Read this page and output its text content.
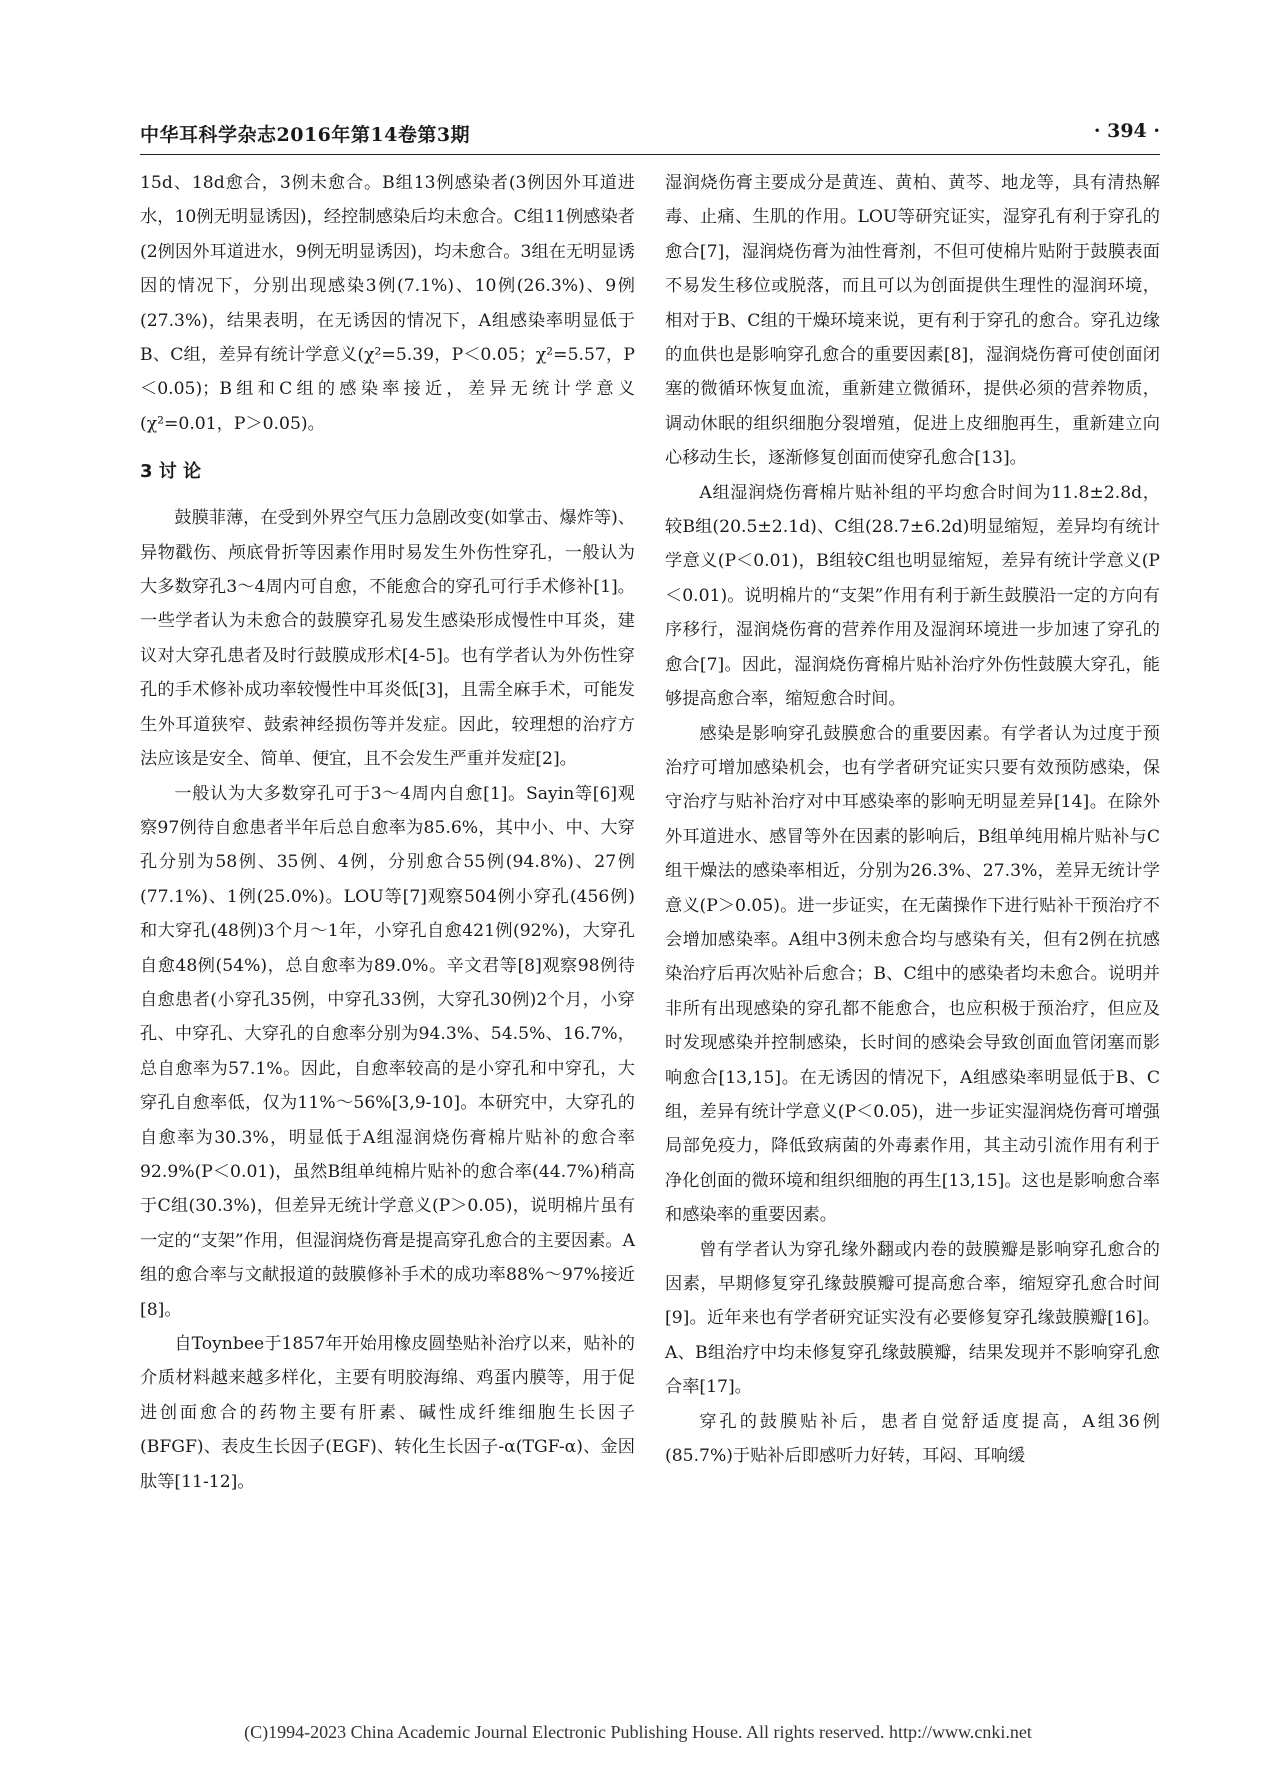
中华耳科学杂志2016年第14卷第3期	· 394 ·

15d、18d愈合，3例未愈合。B组13例感染者(3例因外耳道进水，10例无明显诱因)，经控制感染后均未愈合。C组11例感染者(2例因外耳道进水，9例无明显诱因)，均未愈合。3组在无明显诱因的情况下，分别出现感染3例(7.1%)、10例(26.3%)、9例(27.3%)，结果表明，在无诱因的情况下，A组感染率明显低于B、C组，差异有统计学意义(χ²=5.39，P＜0.05；χ²=5.57，P＜0.05)；B组和C组的感染率接近，差异无统计学意义(χ²=0.01，P＞0.05)。

3 讨 论

鼓膜菲薄，在受到外界空气压力急剧改变(如掌击、爆炸等)、异物戳伤、颅底骨折等因素作用时易发生外伤性穿孔，一般认为大多数穿孔3～4周内可自愈，不能愈合的穿孔可行手术修补[1]。一些学者认为未愈合的鼓膜穿孔易发生感染形成慢性中耳炎，建议对大穿孔患者及时行鼓膜成形术[4-5]。也有学者认为外伤性穿孔的手术修补成功率较慢性中耳炎低[3]，且需全麻手术，可能发生外耳道狭窄、鼓索神经损伤等并发症。因此，较理想的治疗方法应该是安全、简单、便宜，且不会发生严重并发症[2]。

一般认为大多数穿孔可于3～4周内自愈[1]。Sayin等[6]观察97例待自愈患者半年后总自愈率为85.6%，其中小、中、大穿孔分别为58例、35例、4例，分别愈合55例(94.8%)、27例(77.1%)、1例(25.0%)。LOU等[7]观察504例小穿孔(456例)和大穿孔(48例)3个月～1年，小穿孔自愈421例(92%)，大穿孔自愈48例(54%)，总自愈率为89.0%。辛文君等[8]观察98例待自愈患者(小穿孔35例，中穿孔33例，大穿孔30例)2个月，小穿孔、中穿孔、大穿孔的自愈率分别为94.3%、54.5%、16.7%，总自愈率为57.1%。因此，自愈率较高的是小穿孔和中穿孔，大穿孔自愈率低，仅为11%～56%[3,9-10]。本研究中，大穿孔的自愈率为30.3%，明显低于A组湿润烧伤膏棉片贴补的愈合率92.9%(P＜0.01)，虽然B组单纯棉片贴补的愈合率(44.7%)稍高于C组(30.3%)，但差异无统计学意义(P＞0.05)，说明棉片虽有一定的“支架”作用，但湿润烧伤膏是提高穿孔愈合的主要因素。A组的愈合率与文献报道的鼓膜修补手术的成功率88%～97%接近[8]。

自Toynbee于1857年开始用橡皮圆垫贴补治疗以来，贴补的介质材料越来越多样化，主要有明胶海绵、鸡蛋内膜等，用于促进创面愈合的药物主要有肝素、碱性成纤维细胞生长因子(BFGF)、表皮生长因子(EGF)、转化生长因子-α(TGF-α)、金因肽等[11-12]。

湿润烧伤膏主要成分是黄连、黄柏、黄芩、地龙等，具有清热解毒、止痛、生肌的作用。LOU等研究证实，湿穿孔有利于穿孔的愈合[7]，湿润烧伤膏为油性膏剂，不但可使棉片贴附于鼓膜表面不易发生移位或脱落，而且可以为创面提供生理性的湿润环境，相对于B、C组的干燥环境来说，更有利于穿孔的愈合。穿孔边缘的血供也是影响穿孔愈合的重要因素[8]，湿润烧伤膏可使创面闭塞的微循环恢复血流，重新建立微循环，提供必须的营养物质，调动休眠的组织细胞分裂增殖，促进上皮细胞再生，重新建立向心移动生长，逐渐修复创面而使穿孔愈合[13]。

A组湿润烧伤膏棉片贴补组的平均愈合时间为11.8±2.8d，较B组(20.5±2.1d)、C组(28.7±6.2d)明显缩短，差异均有统计学意义(P＜0.01)，B组较C组也明显缩短，差异有统计学意义(P＜0.01)。说明棉片的“支架”作用有利于新生鼓膜沿一定的方向有序移行，湿润烧伤膏的营养作用及湿润环境进一步加速了穿孔的愈合[7]。因此，湿润烧伤膏棉片贴补治疗外伤性鼓膜大穿孔，能够提高愈合率，缩短愈合时间。

感染是影响穿孔鼓膜愈合的重要因素。有学者认为过度于预治疗可增加感染机会，也有学者研究证实只要有效预防感染，保守治疗与贴补治疗对中耳感染率的影响无明显差异[14]。在除外外耳道进水、感冒等外在因素的影响后，B组单纯用棉片贴补与C组干燥法的感染率相近，分别为26.3%、27.3%，差异无统计学意义(P＞0.05)。进一步证实，在无菌操作下进行贴补干预治疗不会增加感染率。A组中3例未愈合均与感染有关，但有2例在抗感染治疗后再次贴补后愈合；B、C组中的感染者均未愈合。说明并非所有出现感染的穿孔都不能愈合，也应积极于预治疗，但应及时发现感染并控制感染，长时间的感染会导致创面血管闭塞而影响愈合[13,15]。在无诱因的情况下，A组感染率明显低于B、C组，差异有统计学意义(P＜0.05)，进一步证实湿润烧伤膏可增强局部免疫力，降低致病菌的外毒素作用，其主动引流作用有利于净化创面的微环境和组织细胞的再生[13,15]。这也是影响愈合率和感染率的重要因素。

曾有学者认为穿孔缘外翻或内卷的鼓膜瓣是影响穿孔愈合的因素，早期修复穿孔缘鼓膜瓣可提高愈合率，缩短穿孔愈合时间[9]。近年来也有学者研究证实没有必要修复穿孔缘鼓膜瓣[16]。A、B组治疗中均未修复穿孔缘鼓膜瓣，结果发现并不影响穿孔愈合率[17]。

穿孔的鼓膜贴补后，患者自觉舒适度提高，A组36例(85.7%)于贴补后即感听力好转，耳闷、耳响缓

(C)1994-2023 China Academic Journal Electronic Publishing House. All rights reserved. http://www.cnki.net
